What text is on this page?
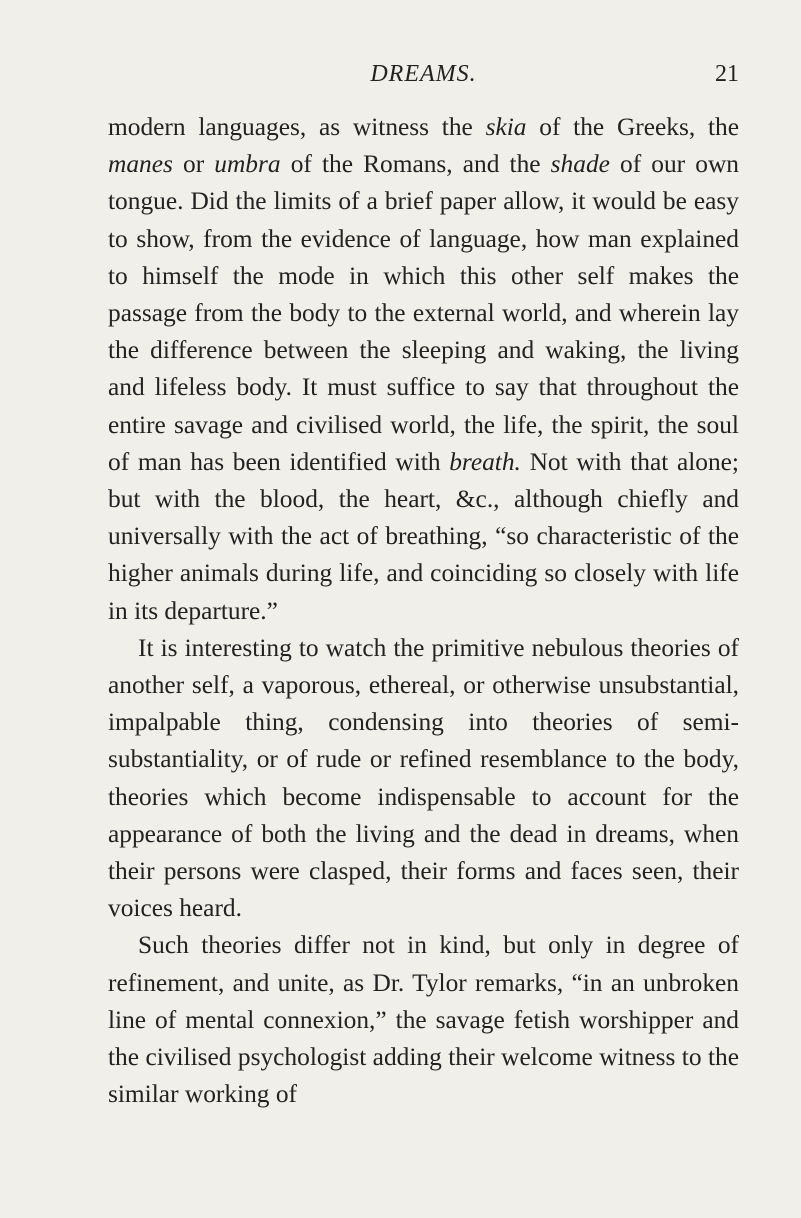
DREAMS.	21

modern languages, as witness the skia of the Greeks, the manes or umbra of the Romans, and the shade of our own tongue. Did the limits of a brief paper allow, it would be easy to show, from the evidence of language, how man explained to himself the mode in which this other self makes the passage from the body to the external world, and wherein lay the difference between the sleeping and waking, the living and lifeless body. It must suffice to say that throughout the entire savage and civilised world, the life, the spirit, the soul of man has been identified with breath. Not with that alone; but with the blood, the heart, &c., although chiefly and universally with the act of breathing, “so characteristic of the higher animals during life, and coinciding so closely with life in its departure.”

It is interesting to watch the primitive nebulous theories of another self, a vaporous, ethereal, or otherwise unsubstantial, impalpable thing, condensing into theories of semi-substantiality, or of rude or refined resemblance to the body, theories which become indispensable to account for the appearance of both the living and the dead in dreams, when their persons were clasped, their forms and faces seen, their voices heard.

Such theories differ not in kind, but only in degree of refinement, and unite, as Dr. Tylor remarks, “in an unbroken line of mental connexion,” the savage fetish worshipper and the civilised psychologist adding their welcome witness to the similar working of
